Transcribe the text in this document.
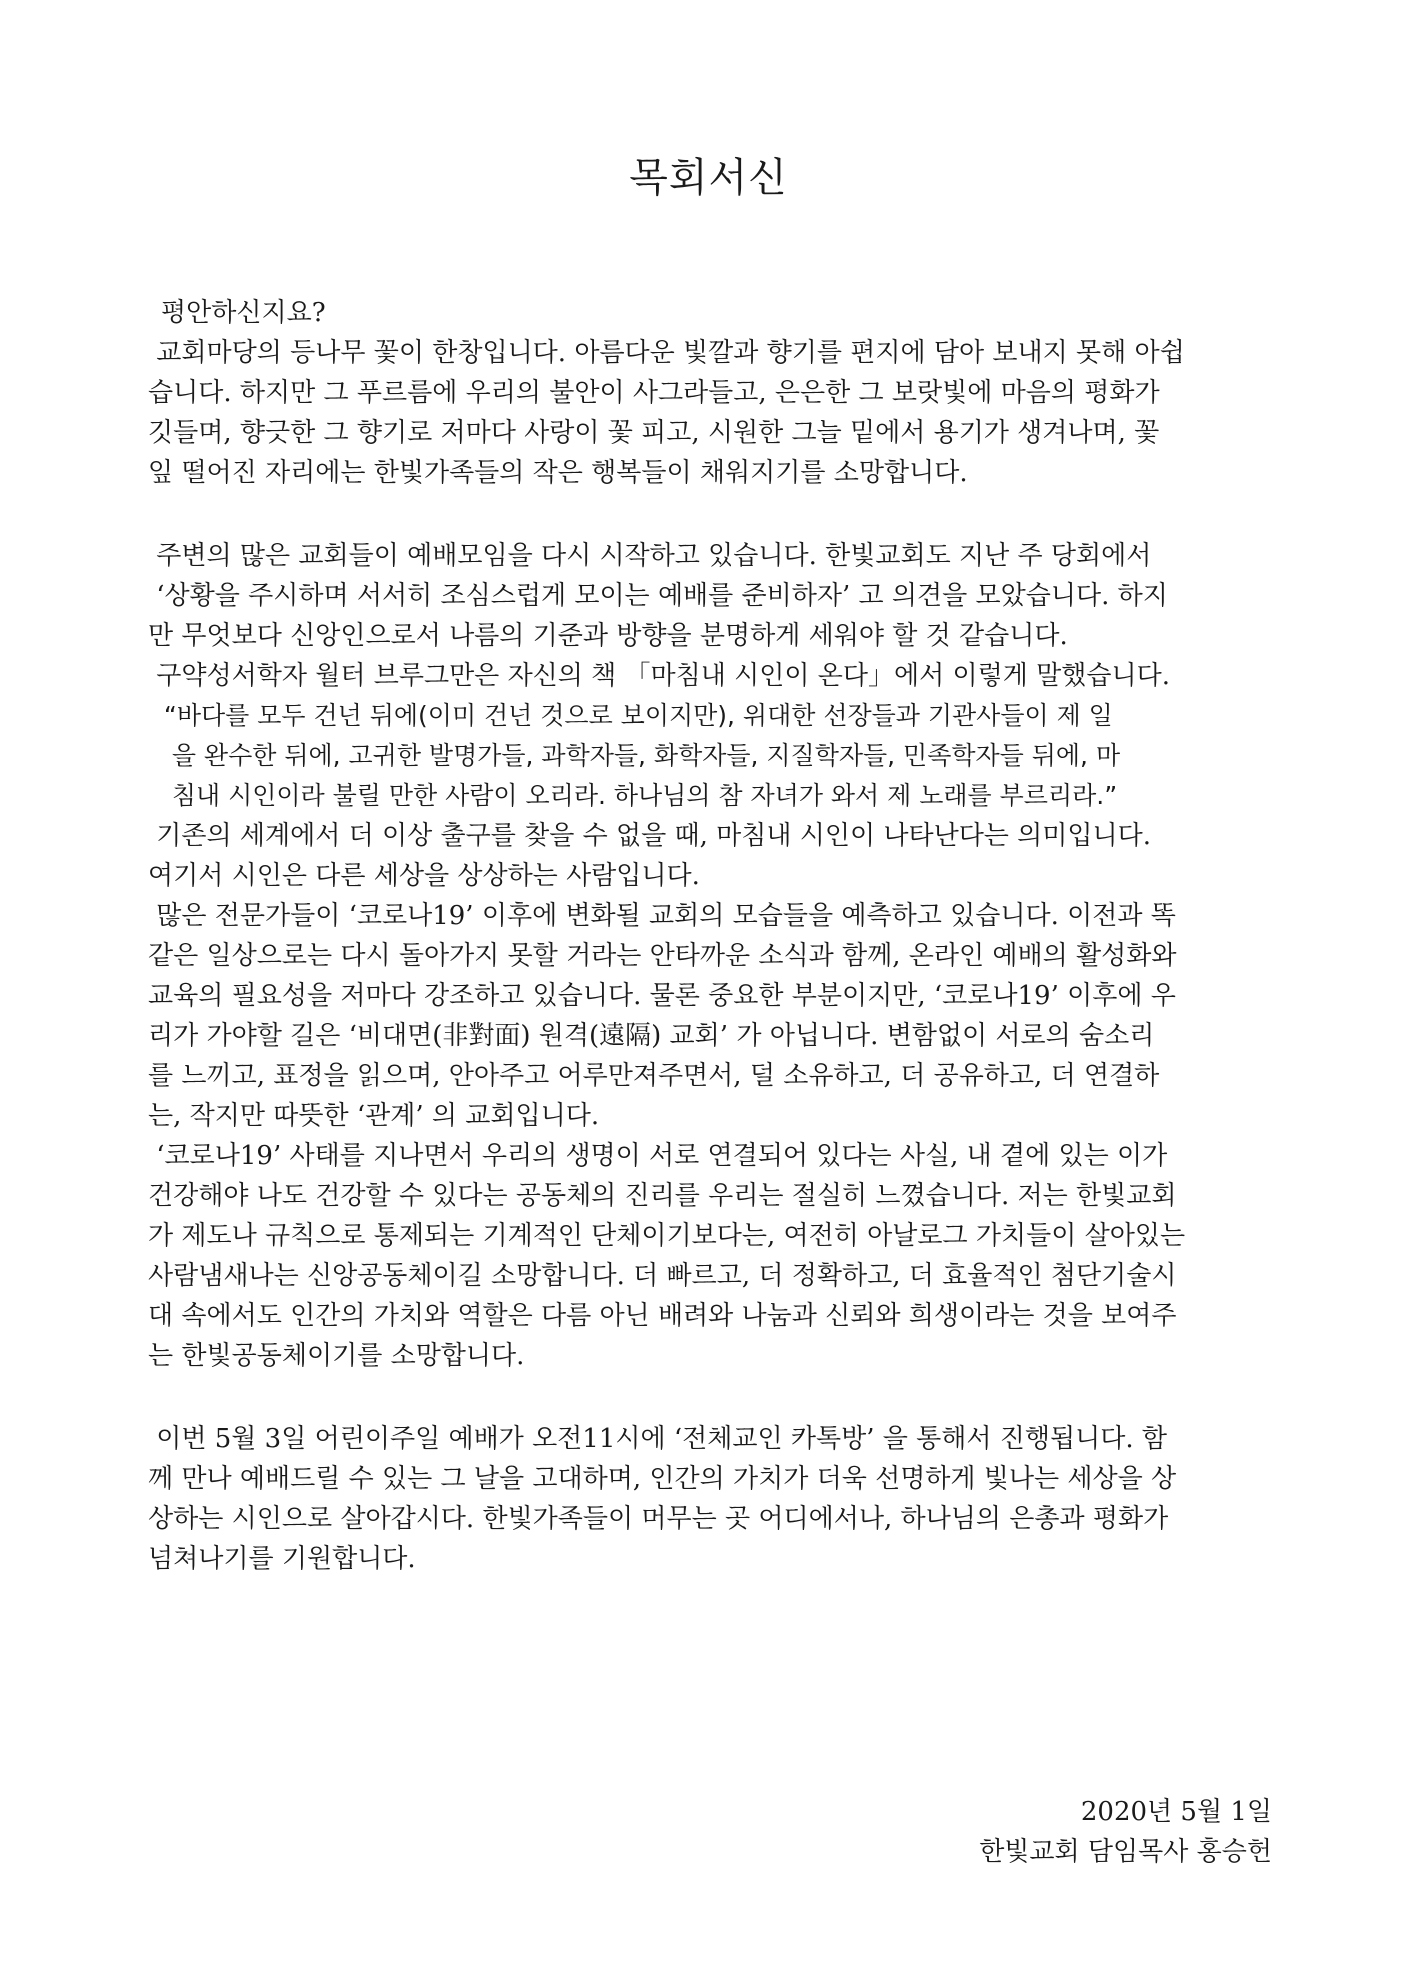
목회서신
평안하신지요?
교회마당의 등나무 꽃이 한창입니다. 아름다운 빛깔과 향기를 편지에 담아 보내지 못해 아쉽
습니다. 하지만 그 푸르름에 우리의 불안이 사그라들고, 은은한 그 보랏빛에 마음의 평화가
깃들며, 향긋한 그 향기로 저마다 사랑이 꽃 피고, 시원한 그늘 밑에서 용기가 생겨나며, 꽃
잎 떨어진 자리에는 한빛가족들의 작은 행복들이 채워지기를 소망합니다.
주변의 많은 교회들이 예배모임을 다시 시작하고 있습니다. 한빛교회도 지난 주 당회에서
‘상황을 주시하며 서서히 조심스럽게 모이는 예배를 준비하자’ 고 의견을 모았습니다. 하지
만 무엇보다 신앙인으로서 나름의 기준과 방향을 분명하게 세워야 할 것 같습니다.
구약성서학자 월터 브루그만은 자신의 책 「마침내 시인이 온다」에서 이렇게 말했습니다.
“바다를 모두 건넌 뒤에(이미 건넌 것으로 보이지만), 위대한 선장들과 기관사들이 제 일
을 완수한 뒤에, 고귀한 발명가들, 과학자들, 화학자들, 지질학자들, 민족학자들 뒤에, 마
침내 시인이라 불릴 만한 사람이 오리라. 하나님의 참 자녀가 와서 제 노래를 부르리라.”
기존의 세계에서 더 이상 출구를 찾을 수 없을 때, 마침내 시인이 나타난다는 의미입니다.
여기서 시인은 다른 세상을 상상하는 사람입니다.
많은 전문가들이 ‘코로나19’ 이후에 변화될 교회의 모습들을 예측하고 있습니다. 이전과 똑
같은 일상으로는 다시 돌아가지 못할 거라는 안타까운 소식과 함께, 온라인 예배의 활성화와
교육의 필요성을 저마다 강조하고 있습니다. 물론 중요한 부분이지만, ‘코로나19’ 이후에 우
리가 가야할 길은 ‘비대면(非對面) 원격(遠隔) 교회’ 가 아닙니다. 변함없이 서로의 숨소리
를 느끼고, 표정을 읽으며, 안아주고 어루만져주면서, 덜 소유하고, 더 공유하고, 더 연결하
는, 작지만 따뜻한 ‘관계’ 의 교회입니다.
‘코로나19’ 사태를 지나면서 우리의 생명이 서로 연결되어 있다는 사실, 내 곁에 있는 이가
건강해야 나도 건강할 수 있다는 공동체의 진리를 우리는 절실히 느꼈습니다. 저는 한빛교회
가 제도나 규칙으로 통제되는 기계적인 단체이기보다는, 여전히 아날로그 가치들이 살아있는
사람냄새나는 신앙공동체이길 소망합니다. 더 빠르고, 더 정확하고, 더 효율적인 첨단기술시
대 속에서도 인간의 가치와 역할은 다름 아닌 배려와 나눔과 신뢰와 희생이라는 것을 보여주
는 한빛공동체이기를 소망합니다.
이번 5월 3일 어린이주일 예배가 오전11시에 ‘전체교인 카톡방’ 을 통해서 진행됩니다. 함
께 만나 예배드릴 수 있는 그 날을 고대하며, 인간의 가치가 더욱 선명하게 빛나는 세상을 상
상하는 시인으로 살아갑시다. 한빛가족들이 머무는 곳 어디에서나, 하나님의 은총과 평화가
넘쳐나기를 기원합니다.
2020년 5월 1일
한빛교회 담임목사 홍승헌
